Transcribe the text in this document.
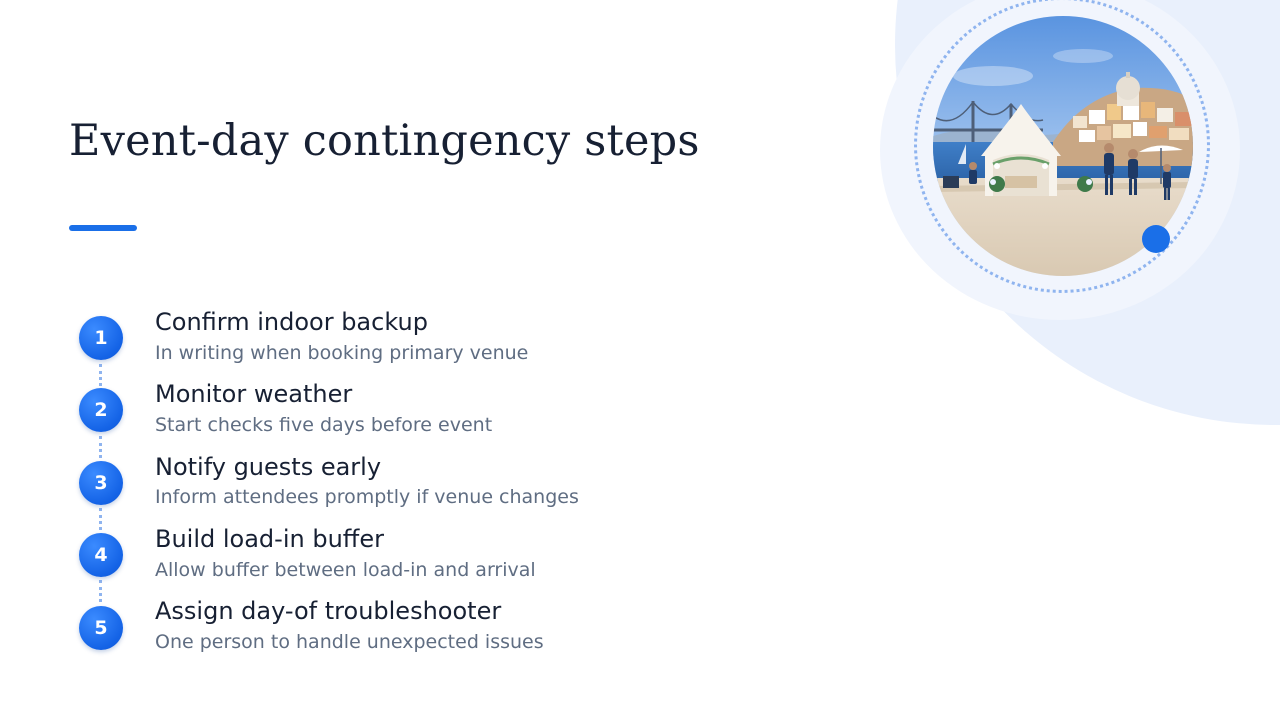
Event-day contingency steps
1
Confirm indoor backup
In writing when booking primary venue
2
Monitor weather
Start checks five days before event
3
Notify guests early
Inform attendees promptly if venue changes
4
Build load-in buffer
Allow buffer between load-in and arrival
5
Assign day-of troubleshooter
One person to handle unexpected issues
